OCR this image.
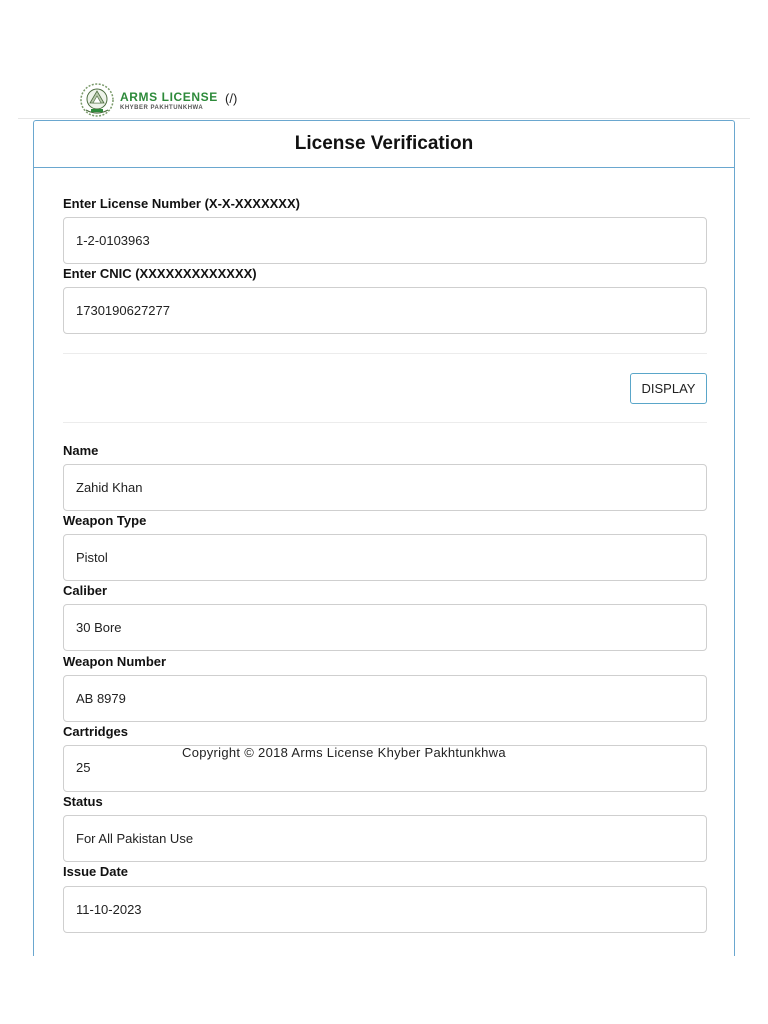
ARMS LICENSE
KHYBER PAKHTUNKHWA
(/)
License Verification
Enter License Number (X-X-XXXXXXX)
1-2-0103963
Enter CNIC (XXXXXXXXXXXXX)
1730190627277
DISPLAY
Name
Zahid Khan
Weapon Type
Pistol
Caliber
30 Bore
Weapon Number
AB 8979
Cartridges
25
Status
For All Pakistan Use
Issue Date
11-10-2023
Copyright © 2018 Arms License Khyber Pakhtunkhwa
